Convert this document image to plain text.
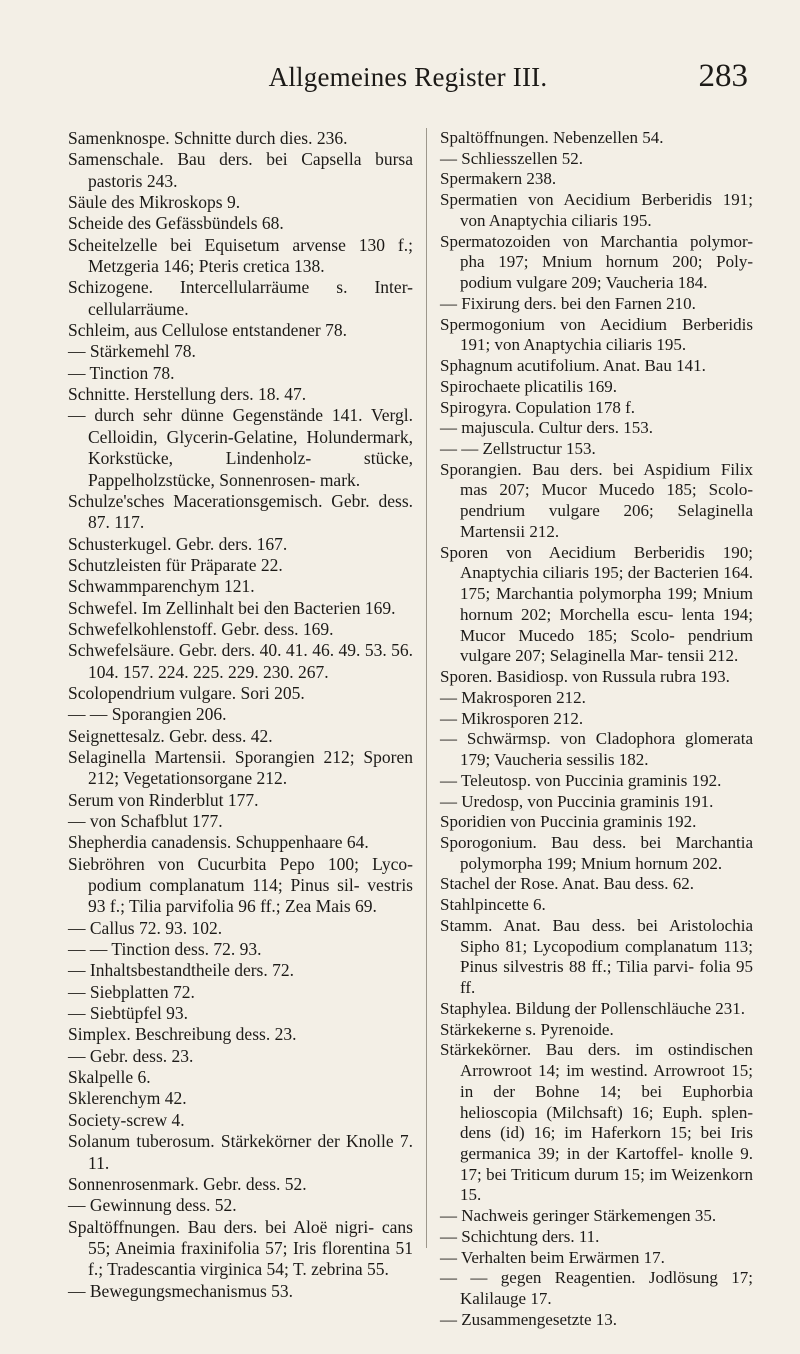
Allgemeines Register III.	283
Samenknospe. Schnitte durch dies. 236.
Samenschale. Bau ders. bei Capsella bursa pastoris 243.
Säule des Mikroskops 9.
Scheide des Gefässbündels 68.
Scheitelzelle bei Equisetum arvense 130 f.; Metzgeria 146; Pteris cretica 138.
Schizogene. Intercellularräume s. Inter- cellularräume.
Schleim, aus Cellulose entstandener 78.
— Stärkemehl 78.
— Tinction 78.
Schnitte. Herstellung ders. 18. 47.
— durch sehr dünne Gegenstände 141. Vergl. Celloidin, Glycerin-Gelatine, Holundermark, Korkstücke, Lindenholz- stücke, Pappelholzstücke, Sonnenrosen- mark.
Schulze'sches Macerationsgemisch. Gebr. dess. 87. 117.
Schusterkugel. Gebr. ders. 167.
Schutzleisten für Präparate 22.
Schwammparenchym 121.
Schwefel. Im Zellinhalt bei den Bacterien 169.
Schwefelkohlenstoff. Gebr. dess. 169.
Schwefelsäure. Gebr. ders. 40. 41. 46. 49. 53. 56. 104. 157. 224. 225. 229. 230. 267.
Scolopendrium vulgare. Sori 205.
— — Sporangien 206.
Seignettesalz. Gebr. dess. 42.
Selaginella Martensii. Sporangien 212; Sporen 212; Vegetationsorgane 212.
Serum von Rinderblut 177.
— von Schafblut 177.
Shepherdia canadensis. Schuppenhaare 64.
Siebröhren von Cucurbita Pepo 100; Lyco- podium complanatum 114; Pinus sil- vestris 93 f.; Tilia parvifolia 96 ff.; Zea Mais 69.
— Callus 72. 93. 102.
— — Tinction dess. 72. 93.
— Inhaltsbestandtheile ders. 72.
— Siebplatten 72.
— Siebtüpfel 93.
Simplex. Beschreibung dess. 23.
— Gebr. dess. 23.
Skalpelle 6.
Sklerenchym 42.
Society-screw 4.
Solanum tuberosum. Stärkekörner der Knolle 7. 11.
Sonnenrosenmark. Gebr. dess. 52.
— Gewinnung dess. 52.
Spaltöffnungen. Bau ders. bei Aloë nigri- cans 55; Aneimia fraxinifolia 57; Iris florentina 51 f.; Tradescantia virginica 54; T. zebrina 55.
— Bewegungsmechanismus 53.
Spaltöffnungen. Nebenzellen 54.
— Schliesszellen 52.
Spermakern 238.
Spermatien von Aecidium Berberidis 191; von Anaptychia ciliaris 195.
Spermatozoiden von Marchantia polymor- pha 197; Mnium hornum 200; Poly- podium vulgare 209; Vaucheria 184.
— Fixirung ders. bei den Farnen 210.
Spermogonium von Aecidium Berberidis 191; von Anaptychia ciliaris 195.
Sphagnum acutifolium. Anat. Bau 141.
Spirochaete plicatilis 169.
Spirogyra. Copulation 178 f.
— majuscula. Cultur ders. 153.
— — Zellstructur 153.
Sporangien. Bau ders. bei Aspidium Filix mas 207; Mucor Mucedo 185; Scolo- pendrium vulgare 206; Selaginella Martensii 212.
Sporen von Aecidium Berberidis 190; Anaptychia ciliaris 195; der Bacterien 164. 175; Marchantia polymorpha 199; Mnium hornum 202; Morchella escu- lenta 194; Mucor Mucedo 185; Scolo- pendrium vulgare 207; Selaginella Mar- tensii 212.
Sporen. Basidiosp. von Russula rubra 193.
— Makrosporen 212.
— Mikrosporen 212.
— Schwärmsp. von Cladophora glomerata 179; Vaucheria sessilis 182.
— Teleutosp. von Puccinia graminis 192.
— Uredosp, von Puccinia graminis 191.
Sporidien von Puccinia graminis 192.
Sporogonium. Bau dess. bei Marchantia polymorpha 199; Mnium hornum 202.
Stachel der Rose. Anat. Bau dess. 62.
Stahlpincette 6.
Stamm. Anat. Bau dess. bei Aristolochia Sipho 81; Lycopodium complanatum 113; Pinus silvestris 88 ff.; Tilia parvi- folia 95 ff.
Staphylea. Bildung der Pollenschläuche 231.
Stärkekerne s. Pyrenoide.
Stärkekörner. Bau ders. im ostindischen Arrowroot 14; im westind. Arrowroot 15; in der Bohne 14; bei Euphorbia helioscopia (Milchsaft) 16; Euph. splen- dens (id) 16; im Haferkorn 15; bei Iris germanica 39; in der Kartoffel- knolle 9. 17; bei Triticum durum 15; im Weizenkorn 15.
— Nachweis geringer Stärkemengen 35.
— Schichtung ders. 11.
— Verhalten beim Erwärmen 17.
— — gegen Reagentien. Jodlösung 17; Kalilauge 17.
— Zusammengesetzte 13.
